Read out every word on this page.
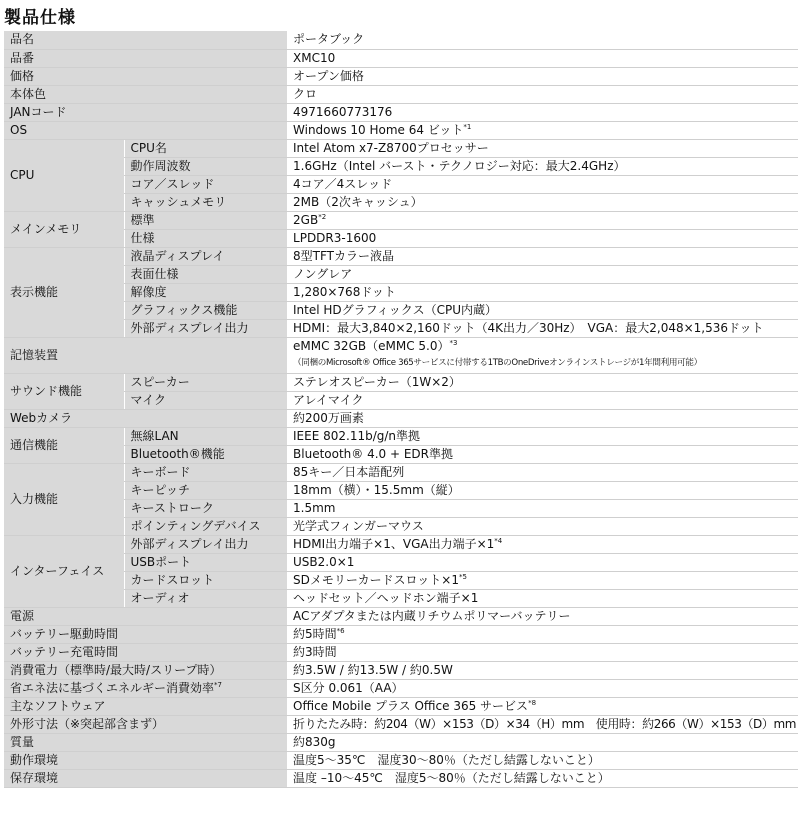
製品仕様
品名		ポータブック
品番		XMC10
価格		オープン価格
本体色		クロ
JANコード		4971660773176
OS		Windows 10 Home 64 ビット$^{*1}$
CPU	CPU名	Intel Atom x7-Z8700プロセッサー
	動作周波数	1.6GHz（Intel バースト・テクノロジー対応：最大2.4GHz）
	コア／スレッド	4コア／4スレッド
	キャッシュメモリ	2MB（2次キャッシュ）
メインメモリ	標準	2GB$^{*2}$
	仕様	LPDDR3-1600
表示機能	液晶ディスプレイ	8型TFTカラー液晶
	表面仕様	ノングレア
	解像度	1,280×768ドット
	グラフィックス機能	Intel HDグラフィックス（CPU内蔵）
	外部ディスプレイ出力	HDMI：最大3,840×2,160ドット（4K出力／30Hz）　VGA：最大2,048×1,536ドット
記憶装置		eMMC 32GB（eMMC 5.0）$^{*3}$
（同梱のMicrosoft® Office 365サービスに付帯する1TBのOneDriveオンラインストレージが1年間利用可能）

サウンド機能	スピーカー	ステレオスピーカー（1W×2）
	マイク	アレイマイク
Webカメラ		約200万画素
通信機能	無線LAN	IEEE 802.11b/g/n準拠
	Bluetooth®機能	Bluetooth® 4.0 + EDR準拠
入力機能	キーボード	85キー／日本語配列
	キーピッチ	18mm（横）・15.5mm（縦）
	キーストローク	1.5mm
	ポインティングデバイス	光学式フィンガーマウス
インターフェイス	外部ディスプレイ出力	HDMI出力端子×1、VGA出力端子$\times 1^{*4}$
	USBポート	USB2.0×1
	カードスロット	SDメモリーカードスロット$\times 1^{*5}$
	オーディオ	ヘッドセット／ヘッドホン端子×1
電源		ACアダプタまたは内蔵リチウムポリマーバッテリー
バッテリー駆動時間		約5時間$^{*6}$
バッテリー充電時間		約3時間
消費電力（標準時/最大時/スリープ時）		約3.5W / 約13.5W / 約0.5W
省エネ法に基づくエネルギー消費効率$^{*7}$		S区分 0.061（AA）
主なソフトウェア		Office Mobile プラス Office 365 サービス$^{*8}$
外形寸法（※突起部含まず）		折りたたみ時：約204（W）×153（D）×34（H）mm　使用時：約266（W）×153（D）mm
質量		約830g
動作環境		温度5～35℃　湿度30～80％（ただし結露しないこと）
保存環境		温度 –10～45℃　湿度5～80％（ただし結露しないこと）
